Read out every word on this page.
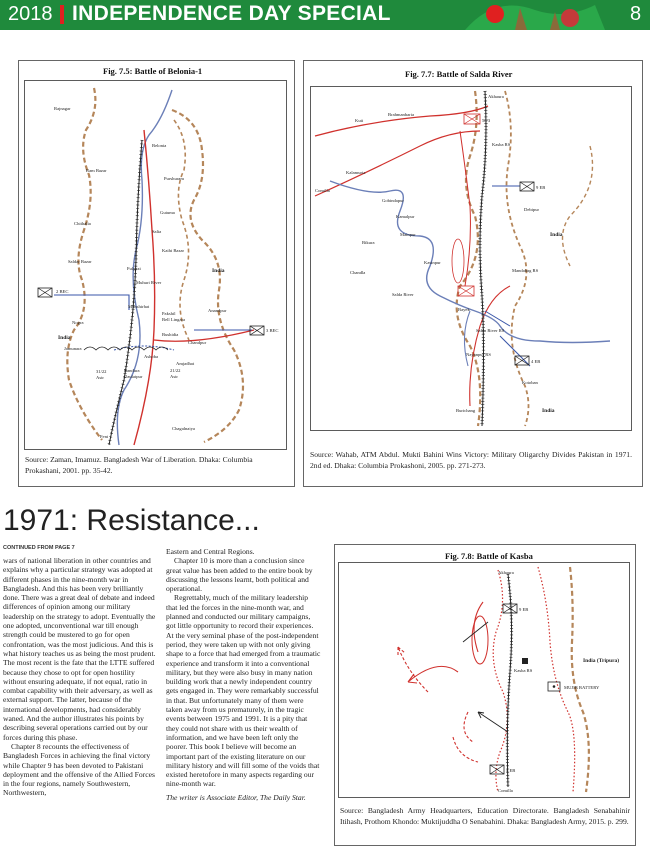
2018 INDEPENDENCE DAY SPECIAL	8
Fig. 7.5: Battle of Belonia-1
Rajnagar
Belonia
Ram Bazar
Purshuram
Chithalia
Gutuma
Saldar Bazar
Salia
Kaihi Bazar
Fulgazi	India
Muhuri River
Munshirhat
Anandpur
Pakshil
Bell Lingara
Nogra
India
Jamunara
Bushidia
Chandpur
Ashoba
Amjadhat
Bandura
Daulatpur
31/22
Astr
21/22
Astr
Feni
Chagalnaiya
2 BEC
3 BEC
Source: Zaman, Imamuz. Bangladesh War of Liberation. Dhaka: Columbia Prokashani, 2001. pp. 35-42.
Fig. 7.7: Battle of Salda River
Brahmanbaria
Akhaura
Kuti	50/3
Kasba RS
Kalamuria
9 EB
Comilla
Gobindapur
Debipur
Kamalpur
Mainpur
Bikura
India
Kasinpur
Chandla	Mandabag RS
Salda River
Bayek
Salda River RS
Nayanpur RS
4 EB
Kotoban
Burichang	India
Source: Wahab, ATM Abdul. Mukti Bahini Wins Victory: Military Oligarchy Divides Pakistan in 1971. 2nd ed. Dhaka: Columbia Prokashoni, 2005. pp. 271-273.
1971: Resistance...
CONTINUED FROM PAGE 7

wars of national liberation in other countries and explains why a particular strategy was adopted at different phases in the nine-month war in Bangladesh. And this has been very brilliantly done. There was a great deal of debate and indeed differences of opinion among our military leadership on the strategy to adopt. Eventually the one adopted, unconventional war till enough strength could be mustered to go for open confrontation, was the most judicious. And this is what history teaches us as being the most prudent. The most recent is the fate that the LTTE suffered because they chose to opt for open hostility without ensuring adequate, if not equal, ratio in combat capability with their adversary, as well as external support. The latter, because of the international developments, had considerably waned. And the author illustrates his points by describing several operations carried out by our forces during this phase.

Chapter 8 recounts the effectiveness of Bangladesh Forces in achieving the final victory while Chapter 9 has been devoted to Pakistani deployment and the offensive of the Allied Forces in the four regions, namely Southwestern, Northwestern,

Eastern and Central Regions.

Chapter 10 is more than a conclusion since great value has been added to the entire book by discussing the lessons learnt, both political and operational.

Regrettably, much of the military leadership that led the forces in the nine-month war, and planned and conducted our military campaigns, got little opportunity to record their experiences. At the very seminal phase of the post-independent period, they were taken up with not only giving shape to a force that had emerged from a traumatic experience and transform it into a conventional military, but they were also busy in many nation building work that a newly independent country gets engaged in. They were remarkably successful in that. But unfortunately many of them were taken away from us prematurely, in the tragic events between 1975 and 1991. It is a pity that they could not share with us their wealth of information, and we have been left only the poorer. This book I believe will become an important part of the existing literature on our military history and will fill some of the voids that existed heretofore in many aspects regarding our nine-month war.

The writer is Associate Editor, The Daily Star.

Fig. 7.8: Battle of Kasba
Akhaura
9 EB
Kasba RS
India (Tripura)
MUJIB BATTERY
4 EB
Comilla
Source: Bangladesh Army Headquarters, Education Directorate. Bangladesh Senabahinir Itihash, Prothom Khondo: Muktijuddha O Senabahini. Dhaka: Bangladesh Army, 2015. p. 299.
